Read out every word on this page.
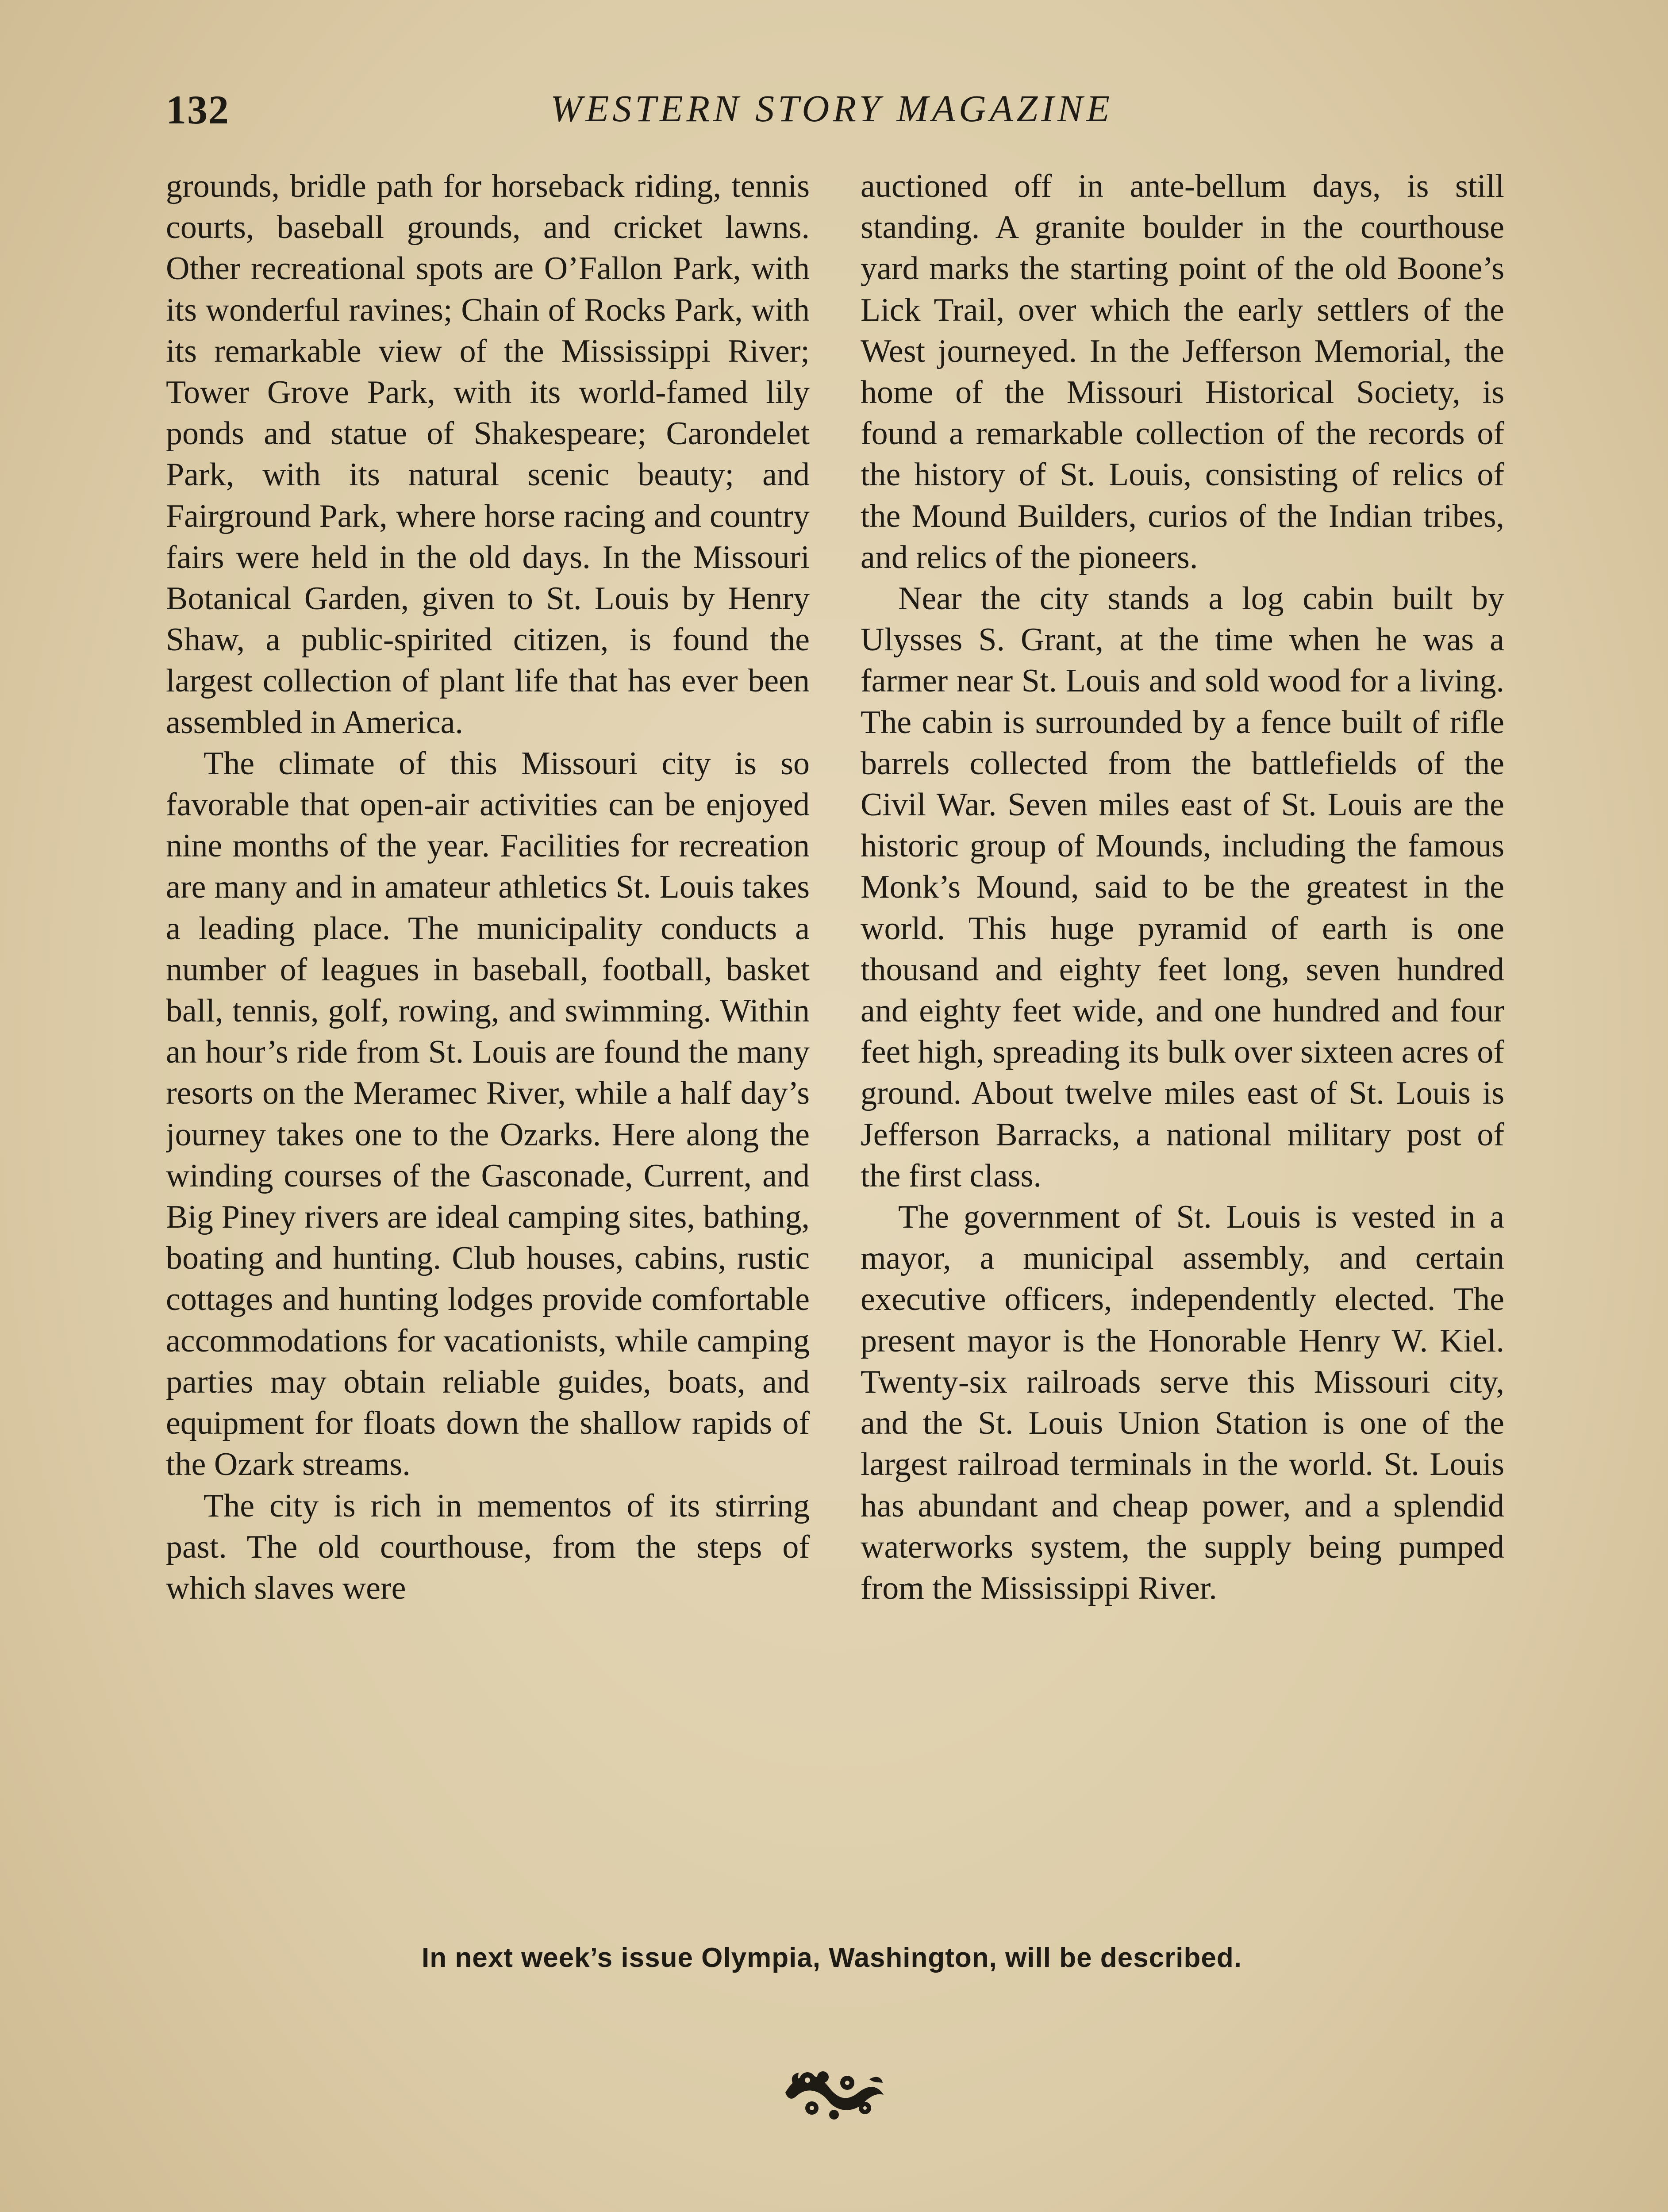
132	WESTERN STORY MAGAZINE

grounds, bridle path for horseback riding, tennis courts, baseball grounds, and cricket lawns. Other recreational spots are O’Fallon Park, with its wonderful ravines; Chain of Rocks Park, with its remarkable view of the Mississippi River; Tower Grove Park, with its world-famed lily ponds and statue of Shakespeare; Carondelet Park, with its natural scenic beauty; and Fairground Park, where horse racing and country fairs were held in the old days. In the Missouri Botanical Garden, given to St. Louis by Henry Shaw, a public-spirited citizen, is found the largest collection of plant life that has ever been assembled in America.

The climate of this Missouri city is so favorable that open-air activities can be enjoyed nine months of the year. Facilities for recreation are many and in amateur athletics St. Louis takes a leading place. The municipality conducts a number of leagues in baseball, football, basket ball, tennis, golf, rowing, and swimming. Within an hour’s ride from St. Louis are found the many resorts on the Meramec River, while a half day’s journey takes one to the Ozarks. Here along the winding courses of the Gasconade, Current, and Big Piney rivers are ideal camping sites, bathing, boating and hunting. Club houses, cabins, rustic cottages and hunting lodges provide comfortable accommodations for vacationists, while camping parties may obtain reliable guides, boats, and equipment for floats down the shallow rapids of the Ozark streams.

The city is rich in mementos of its stirring past. The old courthouse, from the steps of which slaves were

auctioned off in ante-bellum days, is still standing. A granite boulder in the courthouse yard marks the starting point of the old Boone’s Lick Trail, over which the early settlers of the West journeyed. In the Jefferson Memorial, the home of the Missouri Historical Society, is found a remarkable collection of the records of the history of St. Louis, consisting of relics of the Mound Builders, curios of the Indian tribes, and relics of the pioneers.

Near the city stands a log cabin built by Ulysses S. Grant, at the time when he was a farmer near St. Louis and sold wood for a living. The cabin is surrounded by a fence built of rifle barrels collected from the battlefields of the Civil War. Seven miles east of St. Louis are the historic group of Mounds, including the famous Monk’s Mound, said to be the greatest in the world. This huge pyramid of earth is one thousand and eighty feet long, seven hundred and eighty feet wide, and one hundred and four feet high, spreading its bulk over sixteen acres of ground. About twelve miles east of St. Louis is Jefferson Barracks, a national military post of the first class.

The government of St. Louis is vested in a mayor, a municipal assembly, and certain executive officers, independently elected. The present mayor is the Honorable Henry W. Kiel. Twenty-six railroads serve this Missouri city, and the St. Louis Union Station is one of the largest railroad terminals in the world. St. Louis has abundant and cheap power, and a splendid waterworks system, the supply being pumped from the Mississippi River.

In next week’s issue Olympia, Washington, will be described.
